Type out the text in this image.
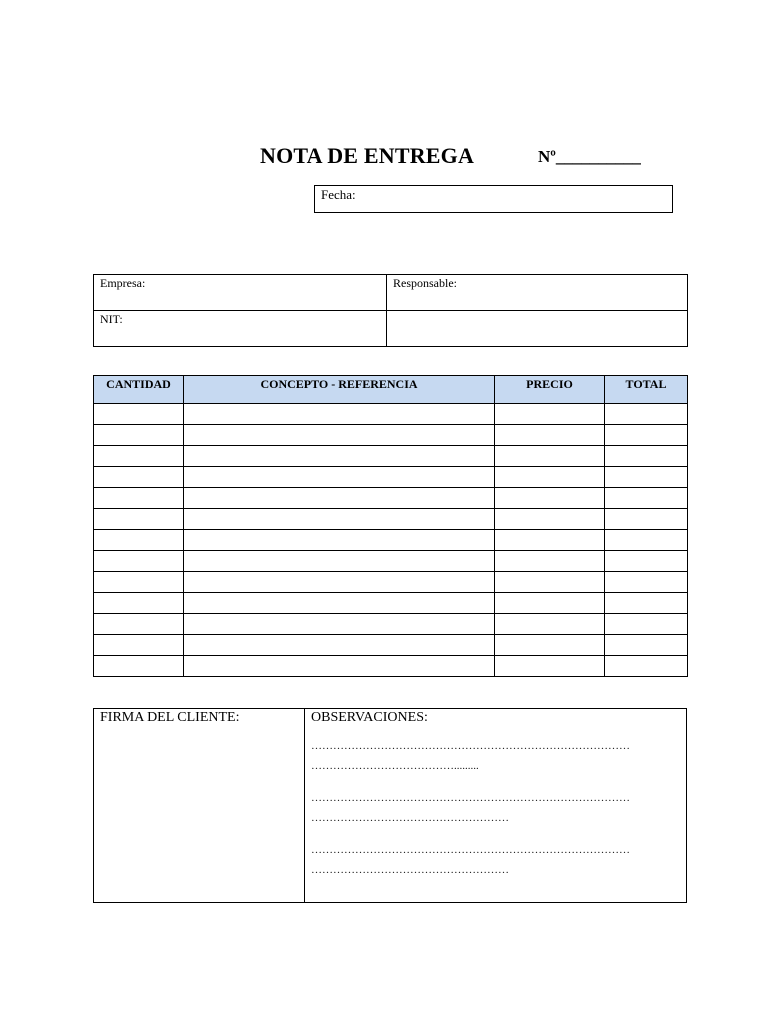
NOTA DE ENTREGA	Nº__________
Fecha:
Empresa:	Responsable:
NIT:	
CANTIDAD	CONCEPTO - REFERENCIA	PRECIO	TOTAL

FIRMA DEL CLIENTE:	OBSERVACIONES:
……………………………………………………………………………
………………………………….........
……………………………………………………………………………
………………………………………………
……………………………………………………………………………
………………………………………………
